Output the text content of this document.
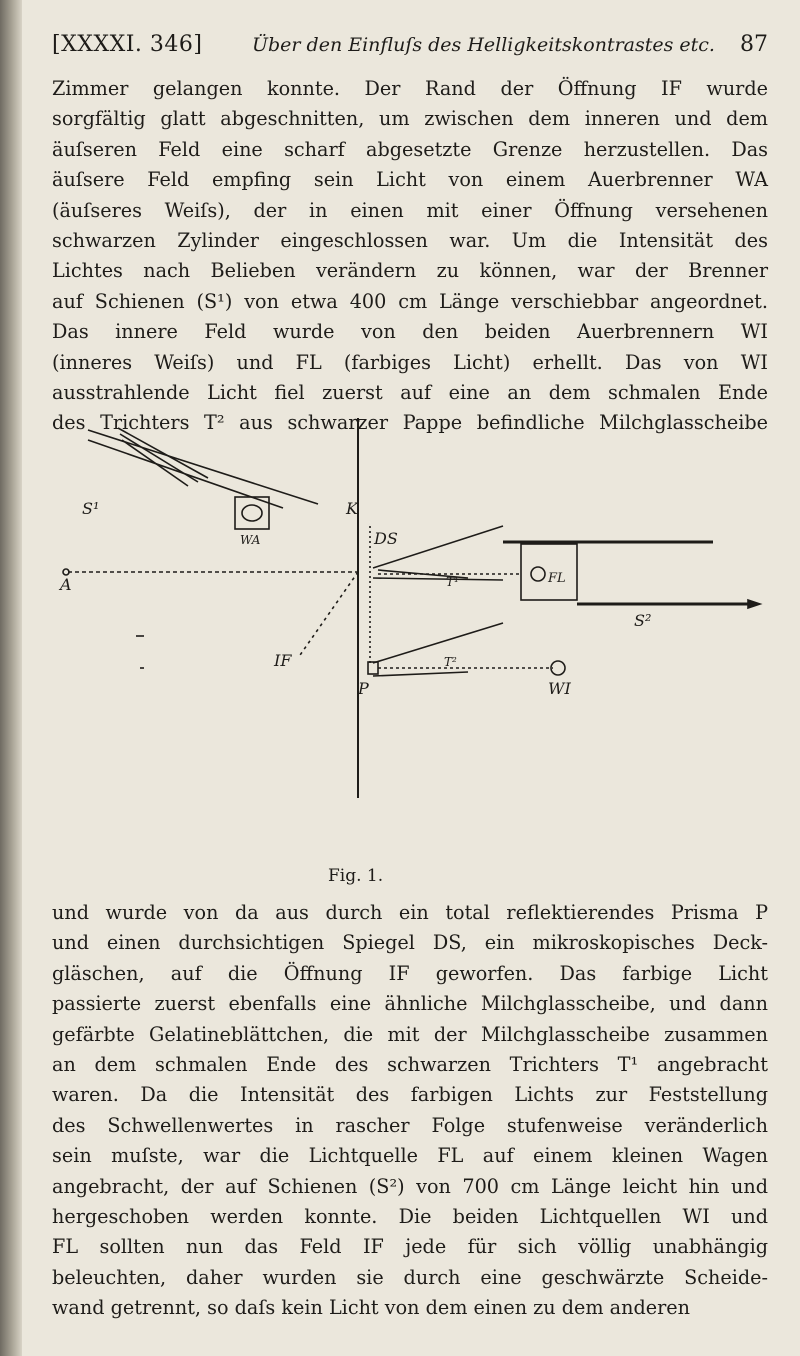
[XXXXI. 346]	Über den Einfluſs des Helligkeitskontrastes etc. 87
Zimmer gelangen konnte. Der Rand der Öffnung IF wurde
sorgfältig glatt abgeschnitten, um zwischen dem inneren und dem
äuſseren Feld eine scharf abgesetzte Grenze herzustellen. Das
äuſsere Feld empfing sein Licht von einem Auerbrenner WA
(äuſseres Weiſs), der in einen mit einer Öffnung versehenen
schwarzen Zylinder eingeschlossen war. Um die Intensität des
Lichtes nach Belieben verändern zu können, war der Brenner
auf Schienen (S¹) von etwa 400 cm Länge verschiebbar angeordnet.
Das innere Feld wurde von den beiden Auerbrennern WI
(inneres Weiſs) und FL (farbiges Licht) erhellt. Das von WI
ausstrahlende Licht fiel zuerst auf eine an dem schmalen Ende
des Trichters T² aus schwarzer Pappe befindliche Milchglasscheibe
S¹	K
A
WA
IF
DS
T¹	FL
S²
T²
P	WI
Fig. 1.
und wurde von da aus durch ein total reflektierendes Prisma P
und einen durchsichtigen Spiegel DS, ein mikroskopisches Deck-
gläschen, auf die Öffnung IF geworfen. Das farbige Licht
passierte zuerst ebenfalls eine ähnliche Milchglasscheibe, und dann
gefärbte Gelatineblättchen, die mit der Milchglasscheibe zusammen
an dem schmalen Ende des schwarzen Trichters T¹ angebracht
waren. Da die Intensität des farbigen Lichts zur Feststellung
des Schwellenwertes in rascher Folge stufenweise veränderlich
sein muſste, war die Lichtquelle FL auf einem kleinen Wagen
angebracht, der auf Schienen (S²) von 700 cm Länge leicht hin und
hergeschoben werden konnte. Die beiden Lichtquellen WI und
FL sollten nun das Feld IF jede für sich völlig unabhängig
beleuchten, daher wurden sie durch eine geschwärzte Scheide-
wand getrennt, so daſs kein Licht von dem einen zu dem anderen
